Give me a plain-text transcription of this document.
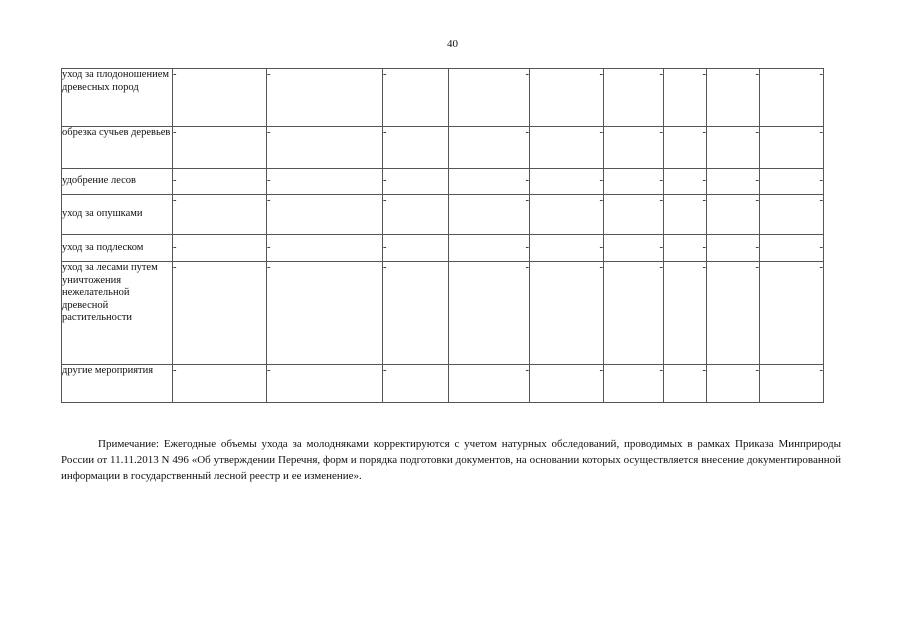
40
уход за плодоношением древесных пород	-	-	-	-	-	-	-	-	-
обрезка сучьев деревьев	-	-	-	-	-	-	-	-	-
удобрение лесов	-	-	-	-	-	-	-	-	-
уход за опушками	-	-	-	-	-	-	-	-	-
уход за подлеском	-	-	-	-	-	-	-	-	-
уход за лесами путем уничтожения нежелательной древесной растительности	-	-	-	-	-	-	-	-	-
другие мероприятия	-	-	-	-	-	-	-	-	-

Примечание: Ежегодные объемы ухода за молодняками корректируются с учетом натурных обследований, проводимых в рамках Приказа Минприроды России от 11.11.2013 N 496 «Об утверждении Перечня, форм и порядка подготовки документов, на основании которых осуществляется внесение документированной информации в государственный лесной реестр и ее изменение».
